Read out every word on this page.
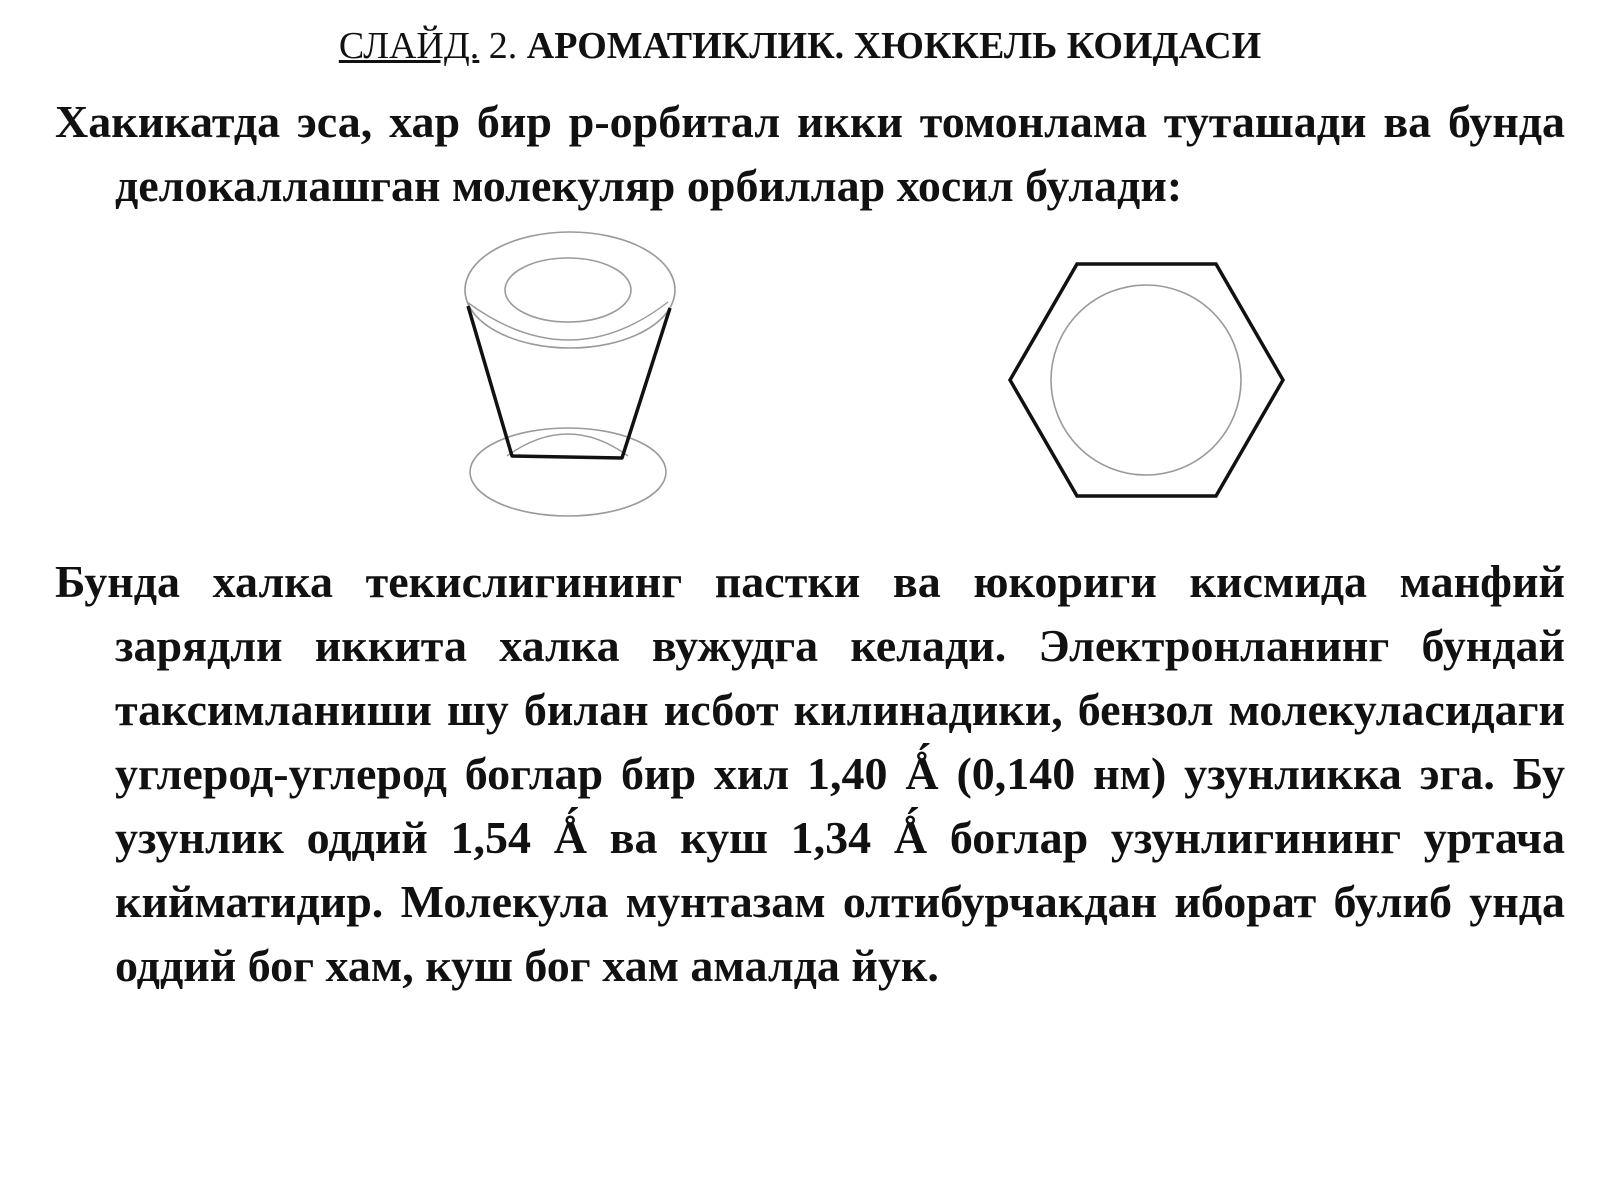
СЛАЙД. 2. АРОМАТИКЛИК. ХЮККЕЛЬ КОИДАСИ
Хакикатда эса, хар бир р-орбитал икки томонлама туташади ва бунда делокаллашган молекуляр орбиллар хосил булади:
Бунда халка текислигининг пастки ва юкориги кисмида манфий зарядли иккита халка вужудга келади. Электронланинг бундай таксимланиши шу билан исбот килинадики, бензол молекуласидаги углерод-углерод боглар бир хил 1,40 Ǻ (0,140 нм) узунликка эга. Бу узунлик оддий 1,54 Ǻ ва куш 1,34 Ǻ боглар узунлигининг уртача кийматидир. Молекула мунтазам олтибурчакдан иборат булиб унда оддий бог хам, куш бог хам амалда йук.
